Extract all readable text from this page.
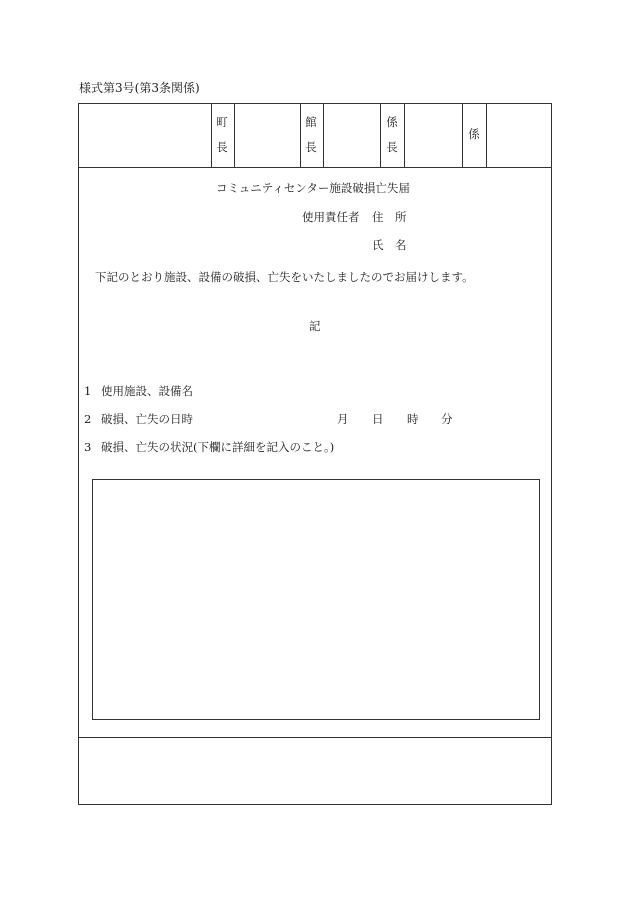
様式第3号(第3条関係)
町
長
館
長
係
長
係
コミュニティセンター施設破損亡失届
使用責任者 住　所
氏　名
下記のとおり施設、設備の破損、亡失をいたしましたのでお届けします。
記
1 使用施設、設備名
2 破損、亡失の日時	月 日 時 分
3 破損、亡失の状況(下欄に詳細を記入のこと。)
